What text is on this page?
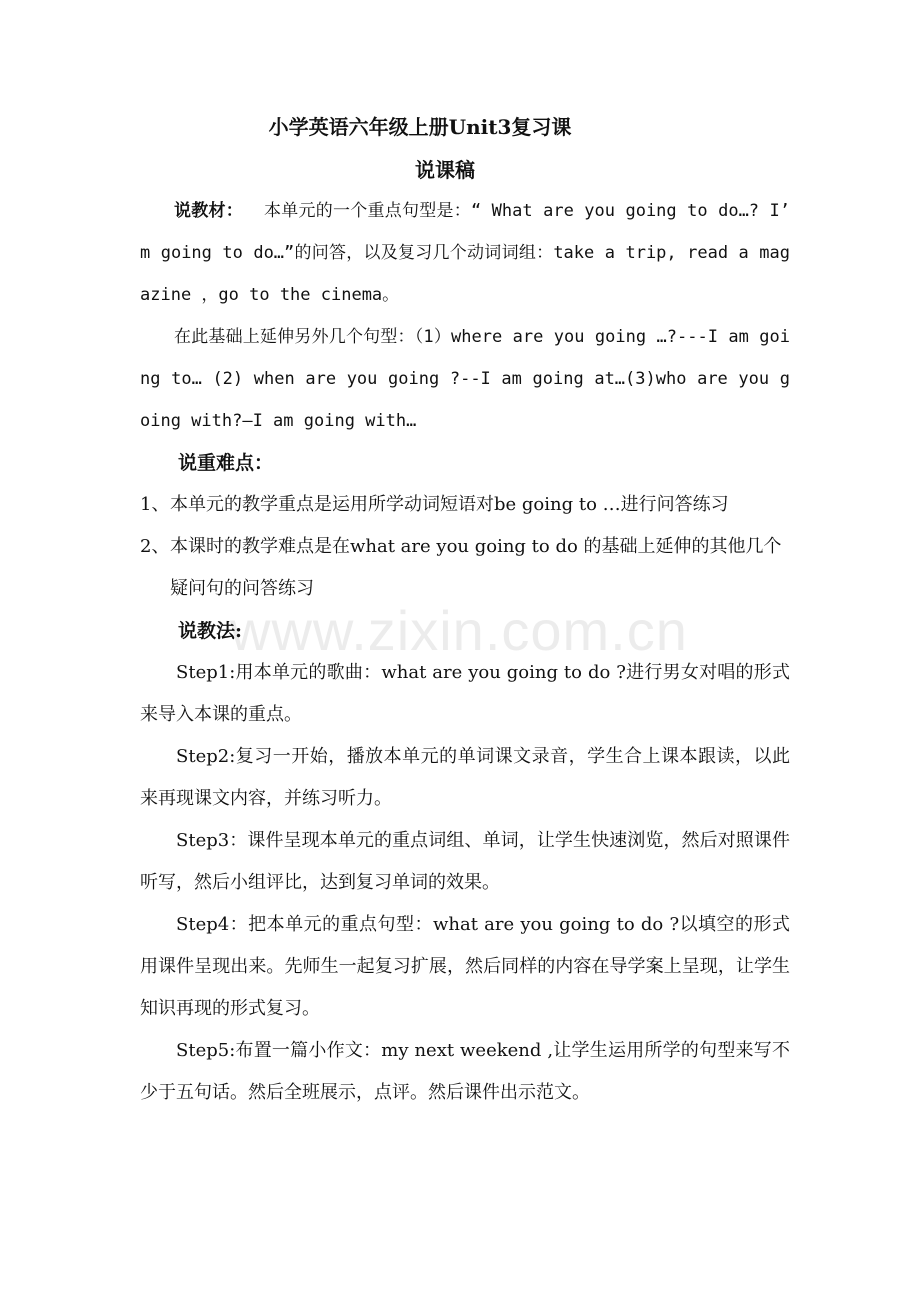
www.zixin.com.cn
小学英语六年级上册Unit3复习课
说课稿

说教材： 本单元的一个重点句型是：“ What are you going to do…? I’ m going to do…”的问答，以及复习几个动词词组：take a trip, read a magazine ，go to the cinema。

在此基础上延伸另外几个句型：（1）where are you going …?---I am going to… (2) when are you going ?--I am going at…(3)who are you going with?—I am going with…

说重难点：

1、 本单元的教学重点是运用所学动词短语对be going to …进行问答练习
2、 本课时的教学难点是在what are you going to do 的基础上延伸的其他几个疑问句的问答练习

说教法:

Step1:用本单元的歌曲：what are you going to do ?进行男女对唱的形式来导入本课的重点。

Step2:复习一开始，播放本单元的单词课文录音，学生合上课本跟读，以此来再现课文内容，并练习听力。

Step3：课件呈现本单元的重点词组、单词，让学生快速浏览，然后对照课件听写，然后小组评比，达到复习单词的效果。

Step4：把本单元的重点句型：what are you going to do ?以填空的形式用课件呈现出来。先师生一起复习扩展，然后同样的内容在导学案上呈现，让学生知识再现的形式复习。

Step5:布置一篇小作文：my next weekend ,让学生运用所学的句型来写不少于五句话。然后全班展示，点评。然后课件出示范文。
